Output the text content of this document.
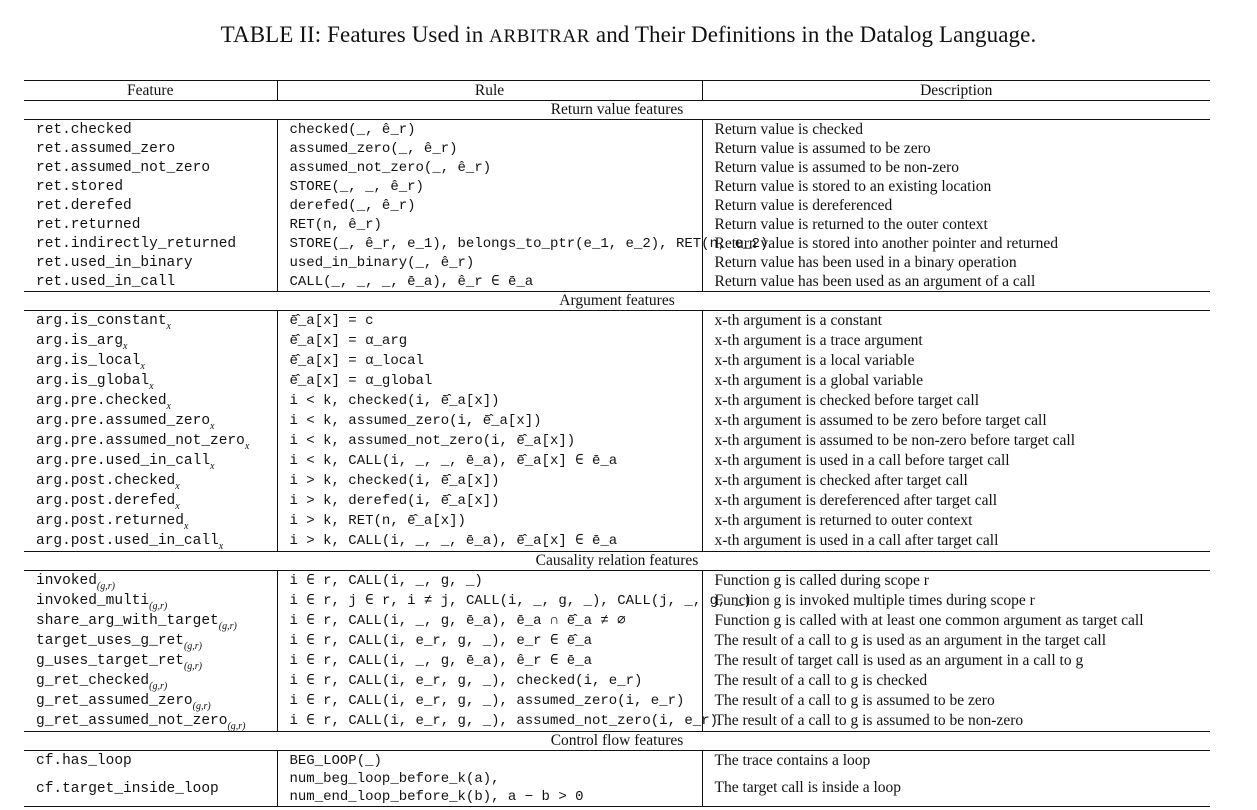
TABLE II: Features Used in ARBITRAR and Their Definitions in the Datalog Language.
Feature	Rule	Description
Return value features		
ret.checked	checked(_, ê_r)	Return value is checked
ret.assumed_zero	assumed_zero(_, ê_r)	Return value is assumed to be zero
ret.assumed_not_zero	assumed_not_zero(_, ê_r)	Return value is assumed to be non-zero
ret.stored	STORE(_, _, ê_r)	Return value is stored to an existing location
ret.derefed	derefed(_, ê_r)	Return value is dereferenced
ret.returned	RET(n, ê_r)	Return value is returned to the outer context
ret.indirectly_returned	STORE(_, ê_r, e_1), belongs_to_ptr(e_1, e_2), RET(n, e_2)	Return value is stored into another pointer and returned
ret.used_in_binary	used_in_binary(_, ê_r)	Return value has been used in a binary operation
ret.used_in_call	CALL(_, _, _, ē_a), ê_r ∈ ē_a	Return value has been used as an argument of a call
Argument features		
arg.is_constant$_x$	ē̂_a[x] = c	x-th argument is a constant
arg.is_arg$_x$	ē̂_a[x] = α_arg	x-th argument is a trace argument
arg.is_local$_x$	ē̂_a[x] = α_local	x-th argument is a local variable
arg.is_global$_x$	ē̂_a[x] = α_global	x-th argument is a global variable
arg.pre.checked$_x$	i < k, checked(i, ē̂_a[x])	x-th argument is checked before target call
arg.pre.assumed_zero$_x$	i < k, assumed_zero(i, ē̂_a[x])	x-th argument is assumed to be zero before target call
arg.pre.assumed_not_zero$_x$	i < k, assumed_not_zero(i, ē̂_a[x])	x-th argument is assumed to be non-zero before target call
arg.pre.used_in_call$_x$	i < k, CALL(i, _, _, ē_a), ē̂_a[x] ∈ ē_a	x-th argument is used in a call before target call
arg.post.checked$_x$	i > k, checked(i, ē̂_a[x])	x-th argument is checked after target call
arg.post.derefed$_x$	i > k, derefed(i, ē̂_a[x])	x-th argument is dereferenced after target call
arg.post.returned$_x$	i > k, RET(n, ē̂_a[x])	x-th argument is returned to outer context
arg.post.used_in_call$_x$	i > k, CALL(i, _, _, ē_a), ē̂_a[x] ∈ ē_a	x-th argument is used in a call after target call
Causality relation features		
invoked$_{(g,r)}$	i ∈ r, CALL(i, _, g, _)	Function g is called during scope r
invoked_multi$_{(g,r)}$	i ∈ r, j ∈ r, i ≠ j, CALL(i, _, g, _), CALL(j, _, g, _)	Function g is invoked multiple times during scope r
share_arg_with_target$_{(g,r)}$	i ∈ r, CALL(i, _, g, ē_a), ē_a ∩ ē̂_a ≠ ∅	Function g is called with at least one common argument as target call
target_uses_g_ret$_{(g,r)}$	i ∈ r, CALL(i, e_r, g, _), e_r ∈ ē̂_a	The result of a call to g is used as an argument in the target call
g_uses_target_ret$_{(g,r)}$	i ∈ r, CALL(i, _, g, ē_a), ê_r ∈ ē_a	The result of target call is used as an argument in a call to g
g_ret_checked$_{(g,r)}$	i ∈ r, CALL(i, e_r, g, _), checked(i, e_r)	The result of a call to g is checked
g_ret_assumed_zero$_{(g,r)}$	i ∈ r, CALL(i, e_r, g, _), assumed_zero(i, e_r)	The result of a call to g is assumed to be zero
g_ret_assumed_not_zero$_{(g,r)}$	i ∈ r, CALL(i, e_r, g, _), assumed_not_zero(i, e_r)	The result of a call to g is assumed to be non-zero
Control flow features		
cf.has_loop	BEG_LOOP(_)	The trace contains a loop
cf.target_inside_loop	num_beg_loop_before_k(a),
num_end_loop_before_k(b), a − b > 0	The target call is inside a loop
